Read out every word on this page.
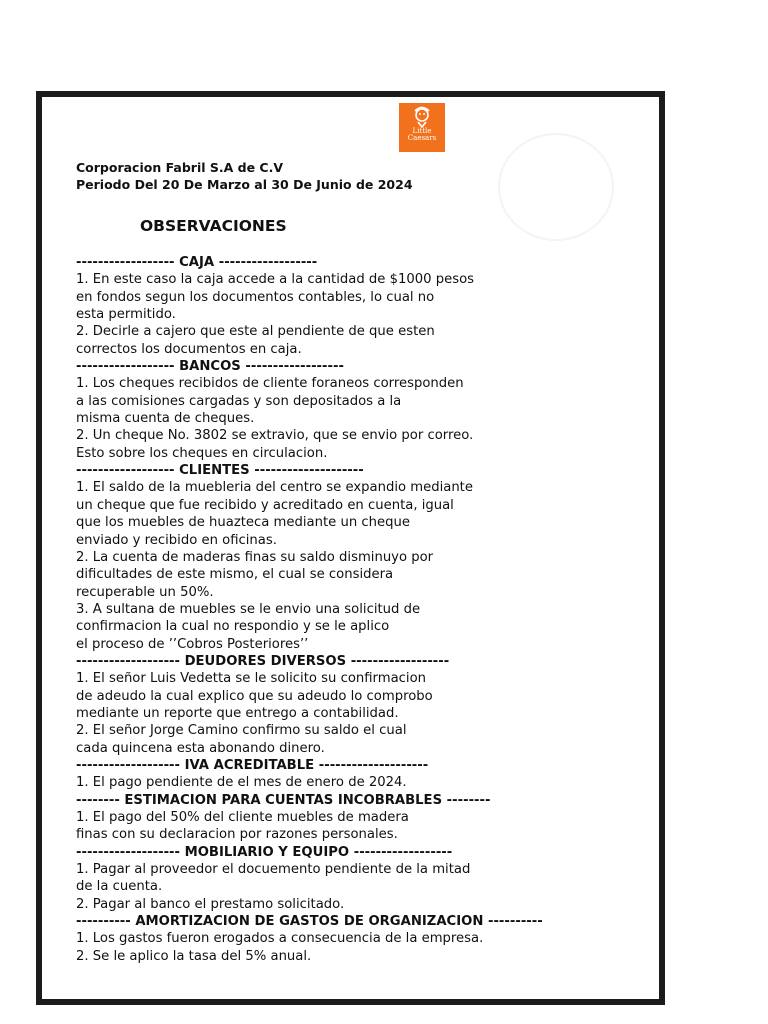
Little
Caesars
Corporacion Fabril S.A de C.V
Periodo Del 20 De Marzo al 30 De Junio de 2024
OBSERVACIONES
------------------ CAJA ------------------
1. En este caso la caja accede a la cantidad de $1000 pesos
en fondos segun los documentos contables, lo cual no
esta permitido.
2. Decirle a cajero que este al pendiente de que esten
correctos los documentos en caja.
------------------ BANCOS ------------------
1. Los cheques recibidos de cliente foraneos corresponden
a las comisiones cargadas y son depositados a la
misma cuenta de cheques.
2. Un cheque No. 3802 se extravio, que se envio por correo.
Esto sobre los cheques en circulacion.
------------------ CLIENTES --------------------
1. El saldo de la muebleria del centro se expandio mediante
un cheque que fue recibido y acreditado en cuenta, igual
que los muebles de huazteca mediante un cheque
enviado y recibido en oficinas.
2. La cuenta de maderas finas su saldo disminuyo por
dificultades de este mismo, el cual se considera
recuperable un 50%.
3. A sultana de muebles se le envio una solicitud de
confirmacion la cual no respondio y se le aplico
el proceso de ’’Cobros Posteriores’’
------------------- DEUDORES DIVERSOS ------------------
1. El señor Luis Vedetta se le solicito su confirmacion
de adeudo la cual explico que su adeudo lo comprobo
mediante un reporte que entrego a contabilidad.
2. El señor Jorge Camino confirmo su saldo el cual
cada quincena esta abonando dinero.
------------------- IVA ACREDITABLE --------------------
1. El pago pendiente de el mes de enero de 2024.
-------- ESTIMACION PARA CUENTAS INCOBRABLES --------
1. El pago del 50% del cliente muebles de madera
finas con su declaracion por razones personales.
------------------- MOBILIARIO Y EQUIPO ------------------
1. Pagar al proveedor el docuemento pendiente de la mitad
de la cuenta.
2. Pagar al banco el prestamo solicitado.
---------- AMORTIZACION DE GASTOS DE ORGANIZACION ----------
1. Los gastos fueron erogados a consecuencia de la empresa.
2. Se le aplico la tasa del 5% anual.
